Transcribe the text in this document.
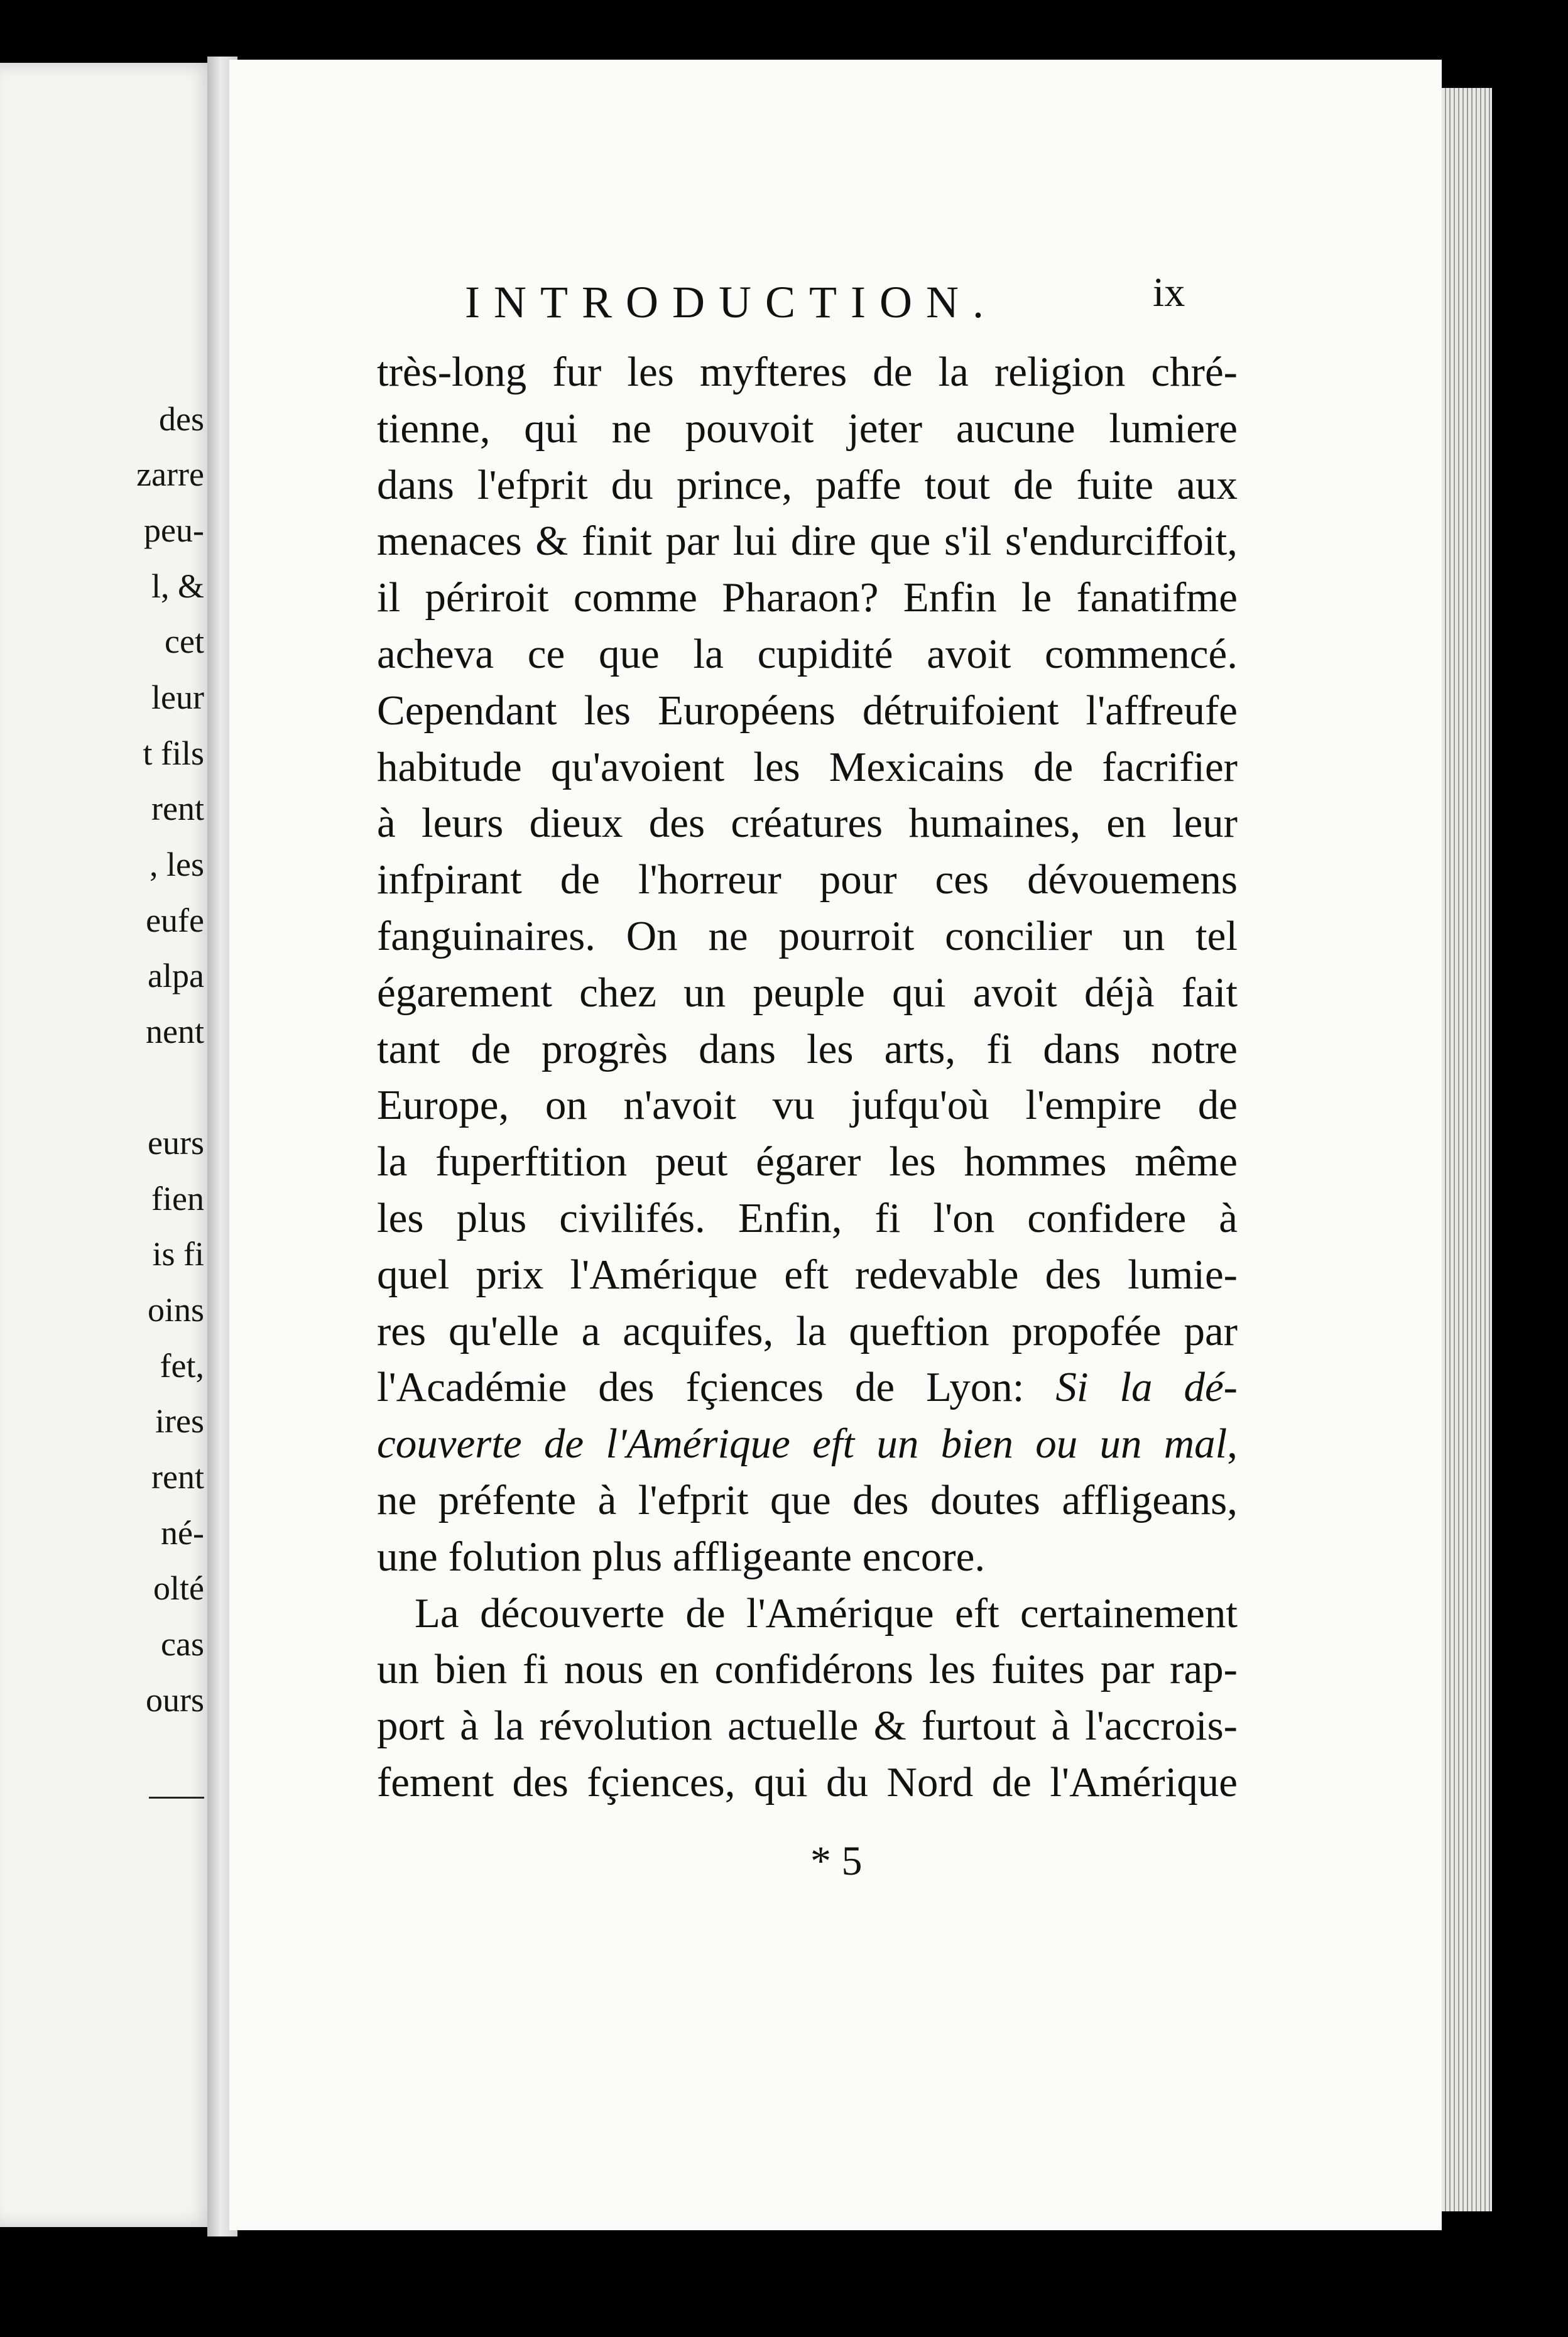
des
zarre
peu-
l, &
cet
leur
t fils
rent
, les
eufe
alpa
nent
eurs
fien
is fi
oins
fet,
ires
rent
né-
olté
cas
ours
INTRODUCTION.	ix
très-long fur les myfteres de la religion chré-
tienne, qui ne pouvoit jeter aucune lumiere
dans l'efprit du prince, paffe tout de fuite aux
menaces & finit par lui dire que s'il s'endurciffoit,
il périroit comme Pharaon? Enfin le fanatifme
acheva ce que la cupidité avoit commencé.
Cependant les Européens détruifoient l'affreufe
habitude qu'avoient les Mexicains de facrifier
à leurs dieux des créatures humaines, en leur
infpirant de l'horreur pour ces dévouemens
fanguinaires. On ne pourroit concilier un tel
égarement chez un peuple qui avoit déjà fait
tant de progrès dans les arts, fi dans notre
Europe, on n'avoit vu jufqu'où l'empire de
la fuperftition peut égarer les hommes même
les plus civilifés. Enfin, fi l'on confidere à
quel prix l'Amérique eft redevable des lumie-
res qu'elle a acquifes, la queftion propofée par
l'Académie des fçiences de Lyon: Si la dé-
couverte de l'Amérique eft un bien ou un mal,
ne préfente à l'efprit que des doutes affligeans,
une folution plus affligeante encore.
La découverte de l'Amérique eft certainement
un bien fi nous en confidérons les fuites par rap-
port à la révolution actuelle & furtout à l'accrois-
fement des fçiences, qui du Nord de l'Amérique
* 5
